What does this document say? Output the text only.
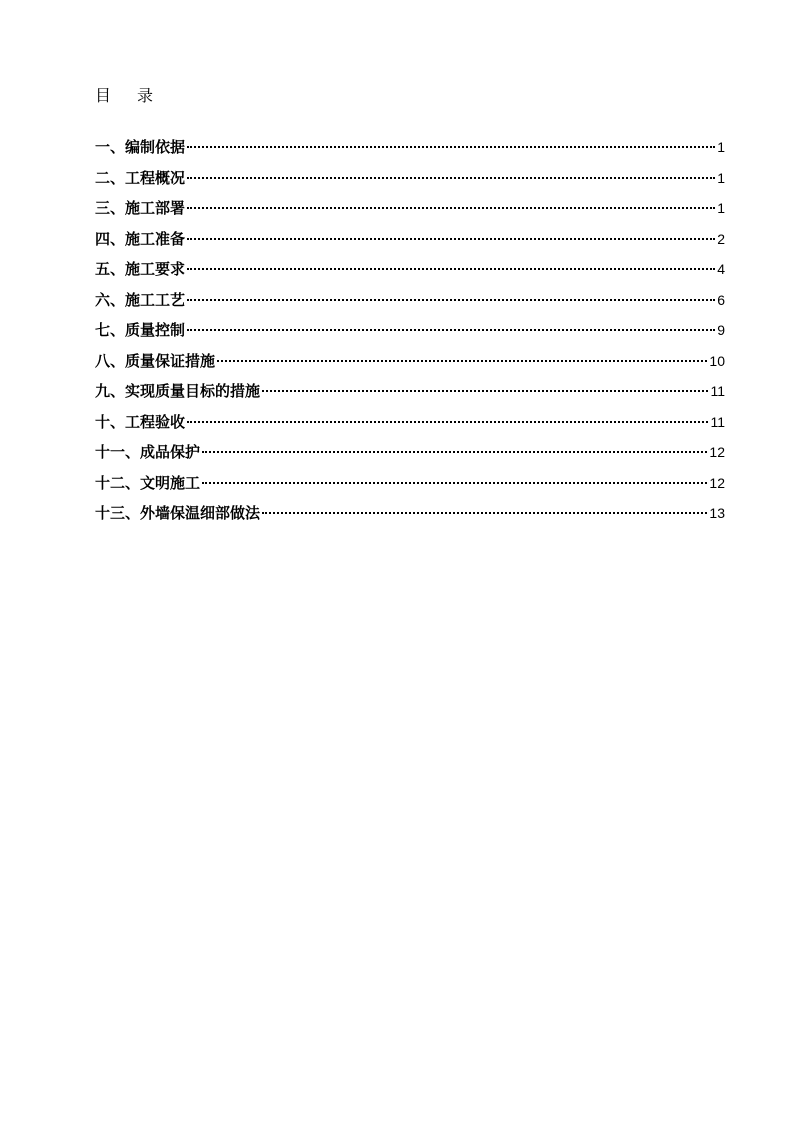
目 录
一、编制依据	1
二、工程概况	1
三、施工部署	1
四、施工准备	2
五、施工要求	4
六、施工工艺	6
七、质量控制	9
八、质量保证措施	10
九、实现质量目标的措施	11
十、工程验收	11
十一、成品保护	12
十二、文明施工	12
十三、外墙保温细部做法	13
